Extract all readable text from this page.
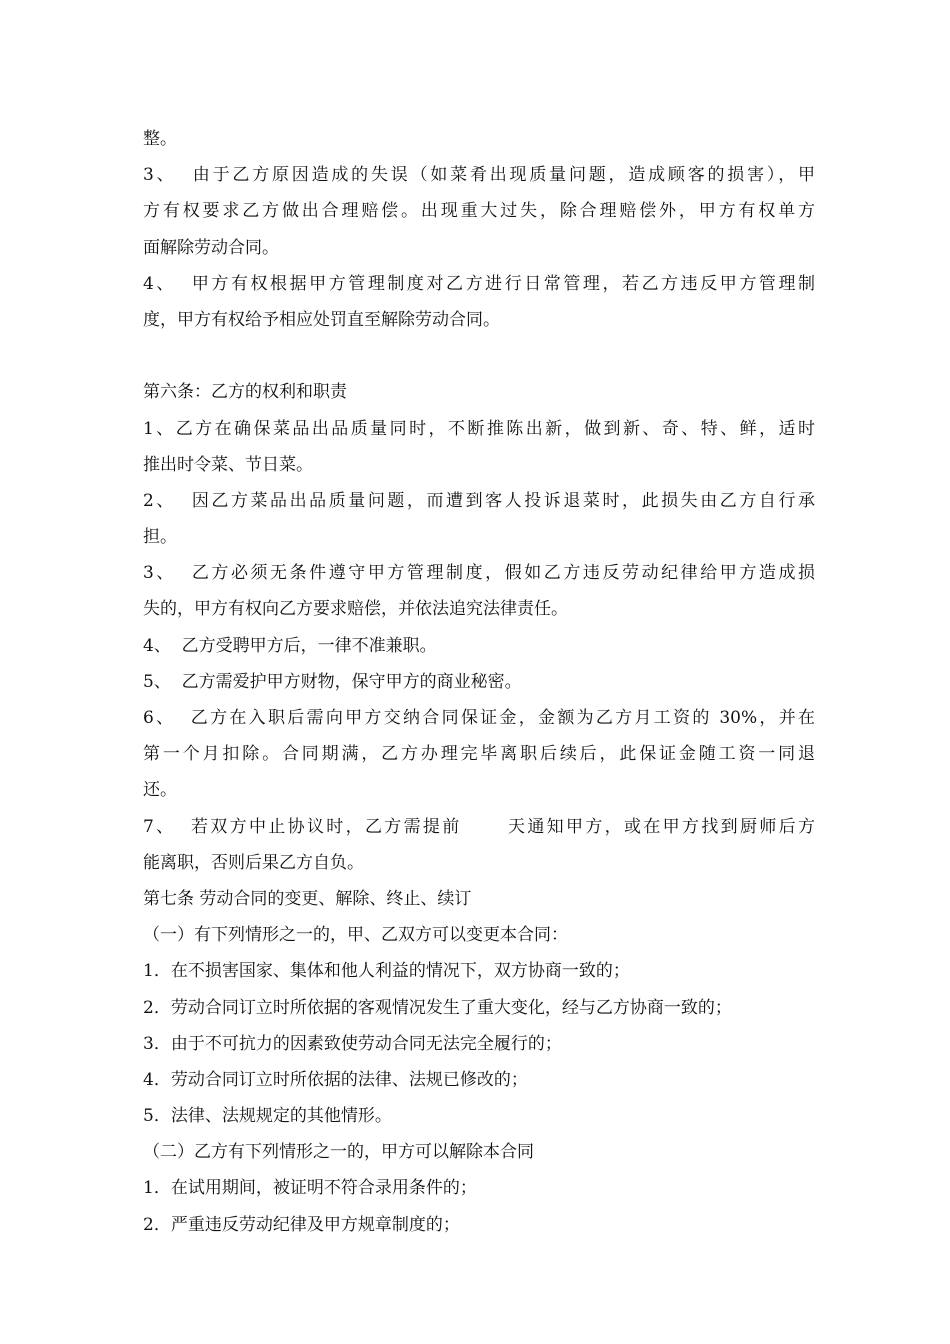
整。
3、  由于乙方原因造成的失误（如菜肴出现质量问题，造成顾客的损害），甲
方有权要求乙方做出合理赔偿。出现重大过失，除合理赔偿外，甲方有权单方
面解除劳动合同。
4、  甲方有权根据甲方管理制度对乙方进行日常管理，若乙方违反甲方管理制
度，甲方有权给予相应处罚直至解除劳动合同。
第六条：乙方的权利和职责
1、乙方在确保菜品出品质量同时，不断推陈出新，做到新、奇、特、鲜，适时
推出时令菜、节日菜。
2、  因乙方菜品出品质量问题，而遭到客人投诉退菜时，此损失由乙方自行承
担。
3、  乙方必须无条件遵守甲方管理制度，假如乙方违反劳动纪律给甲方造成损
失的，甲方有权向乙方要求赔偿，并依法追究法律责任。
4、  乙方受聘甲方后，一律不准兼职。
5、  乙方需爱护甲方财物，保守甲方的商业秘密。
6、  乙方在入职后需向甲方交纳合同保证金，金额为乙方月工资的 30%，并在
第一个月扣除。合同期满，乙方办理完毕离职后续后，此保证金随工资一同退
还。
7、  若双方中止协议时，乙方需提前      天通知甲方，或在甲方找到厨师后方
能离职，否则后果乙方自负。
第七条 劳动合同的变更、解除、终止、续订
（一）有下列情形之一的，甲、乙双方可以变更本合同：
1．在不损害国家、集体和他人利益的情况下，双方协商一致的；
2．劳动合同订立时所依据的客观情况发生了重大变化，经与乙方协商一致的；
3．由于不可抗力的因素致使劳动合同无法完全履行的；
4．劳动合同订立时所依据的法律、法规已修改的；
5．法律、法规规定的其他情形。
（二）乙方有下列情形之一的，甲方可以解除本合同
1．在试用期间，被证明不符合录用条件的；
2．严重违反劳动纪律及甲方规章制度的；
